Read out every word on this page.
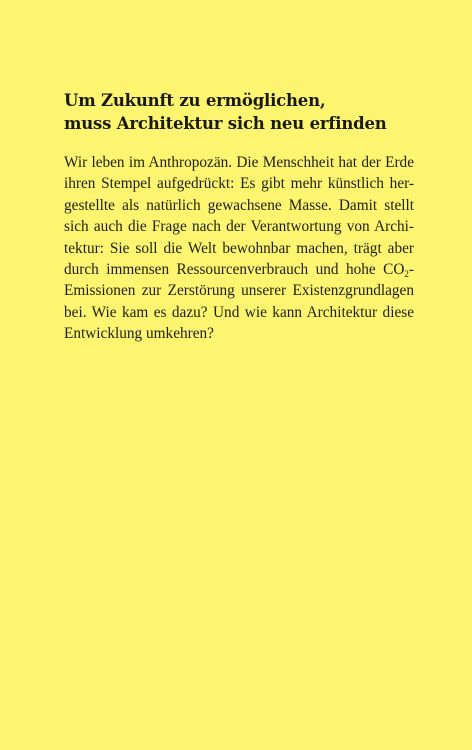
Um Zukunft zu ermöglichen,
muss Architektur sich neu erfinden

Wir leben im Anthropozän. Die Menschheit hat der Erde
ihren Stempel aufgedrückt: Es gibt mehr künstlich her-
gestellte als natürlich gewachsene Masse. Damit stellt
sich auch die Frage nach der Verantwortung von Archi-
tektur: Sie soll die Welt bewohnbar machen, trägt aber
durch immensen Ressourcenverbrauch und hohe $CO_2-$
Emissionen zur Zerstörung unserer Existenzgrundlagen
bei. Wie kam es dazu? Und wie kann Architektur diese
Entwicklung umkehren?
